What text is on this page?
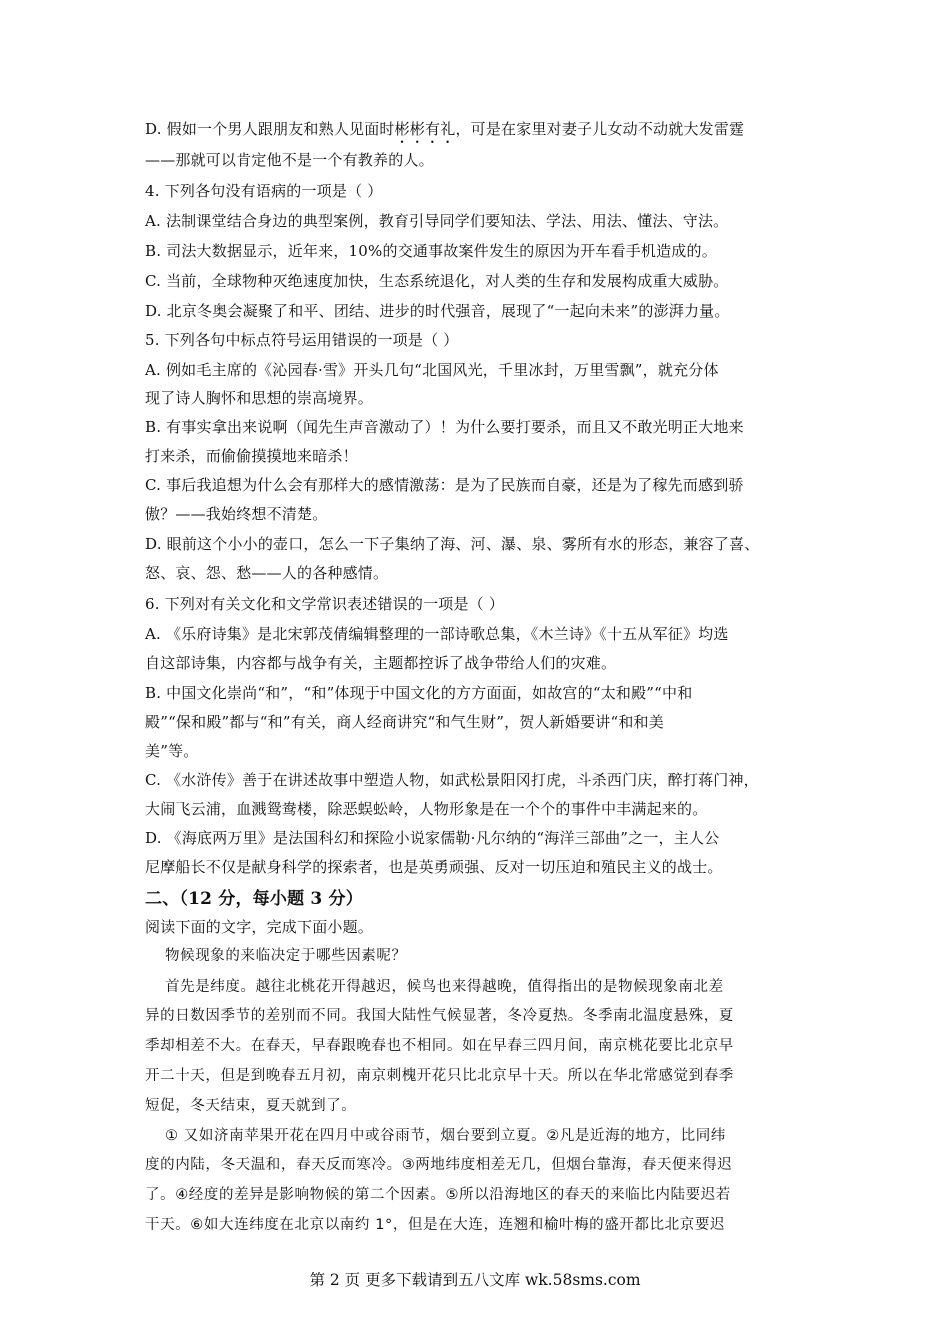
D. 假如一个男人跟朋友和熟人见面时彬彬有礼，可是在家里对妻子儿女动不动就大发雷霆
——那就可以肯定他不是一个有教养的人。
4. 下列各句没有语病的一项是（ ）
A. 法制课堂结合身边的典型案例，教育引导同学们要知法、学法、用法、懂法、守法。
B. 司法大数据显示，近年来，10%的交通事故案件发生的原因为开车看手机造成的。
C. 当前，全球物种灭绝速度加快，生态系统退化，对人类的生存和发展构成重大威胁。
D. 北京冬奥会凝聚了和平、团结、进步的时代强音，展现了“一起向未来”的澎湃力量。
5. 下列各句中标点符号运用错误的一项是（ ）
A. 例如毛主席的《沁园春·雪》开头几句“北国风光，千里冰封，万里雪飘”，就充分体
现了诗人胸怀和思想的崇高境界。
B. 有事实拿出来说啊（闻先生声音激动了）！为什么要打要杀，而且又不敢光明正大地来
打来杀，而偷偷摸摸地来暗杀！
C. 事后我追想为什么会有那样大的感情激荡：是为了民族而自豪，还是为了稼先而感到骄
傲？——我始终想不清楚。
D. 眼前这个小小的壶口，怎么一下子集纳了海、河、瀑、泉、雾所有水的形态，兼容了喜、
怒、哀、怨、愁——人的各种感情。
6. 下列对有关文化和文学常识表述错误的一项是（ ）
A. 《乐府诗集》是北宋郭茂倩编辑整理的一部诗歌总集，《木兰诗》《十五从军征》均选
自这部诗集，内容都与战争有关，主题都控诉了战争带给人们的灾难。
B. 中国文化崇尚“和”，“和”体现于中国文化的方方面面，如故宫的“太和殿”“中和
殿”“保和殿”都与“和”有关，商人经商讲究“和气生财”，贺人新婚要讲“和和美
美”等。
C. 《水浒传》善于在讲述故事中塑造人物，如武松景阳冈打虎，斗杀西门庆，醉打蒋门神，
大闹飞云浦，血溅鸳鸯楼，除恶蜈蚣岭，人物形象是在一个个的事件中丰满起来的。
D. 《海底两万里》是法国科幻和探险小说家儒勒·凡尔纳的“海洋三部曲”之一，主人公
尼摩船长不仅是献身科学的探索者，也是英勇顽强、反对一切压迫和殖民主义的战士。
二、（12 分，每小题 3 分）
阅读下面的文字，完成下面小题。
物候现象的来临决定于哪些因素呢？
首先是纬度。越往北桃花开得越迟，候鸟也来得越晚，值得指出的是物候现象南北差
异的日数因季节的差别而不同。我国大陆性气候显著，冬冷夏热。冬季南北温度悬殊，夏
季却相差不大。在春天，早春跟晚春也不相同。如在早春三四月间，南京桃花要比北京早
开二十天，但是到晚春五月初，南京刺槐开花只比北京早十天。所以在华北常感觉到春季
短促，冬天结束，夏天就到了。
① 又如济南苹果开花在四月中或谷雨节，烟台要到立夏。②凡是近海的地方，比同纬
度的内陆，冬天温和，春天反而寒冷。③两地纬度相差无几，但烟台靠海，春天便来得迟
了。④经度的差异是影响物候的第二个因素。⑤所以沿海地区的春天的来临比内陆要迟若
干天。⑥如大连纬度在北京以南约 1°，但是在大连，连翘和榆叶梅的盛开都比北京要迟
第 2 页 更多下载请到五八文库 wk.58sms.com
